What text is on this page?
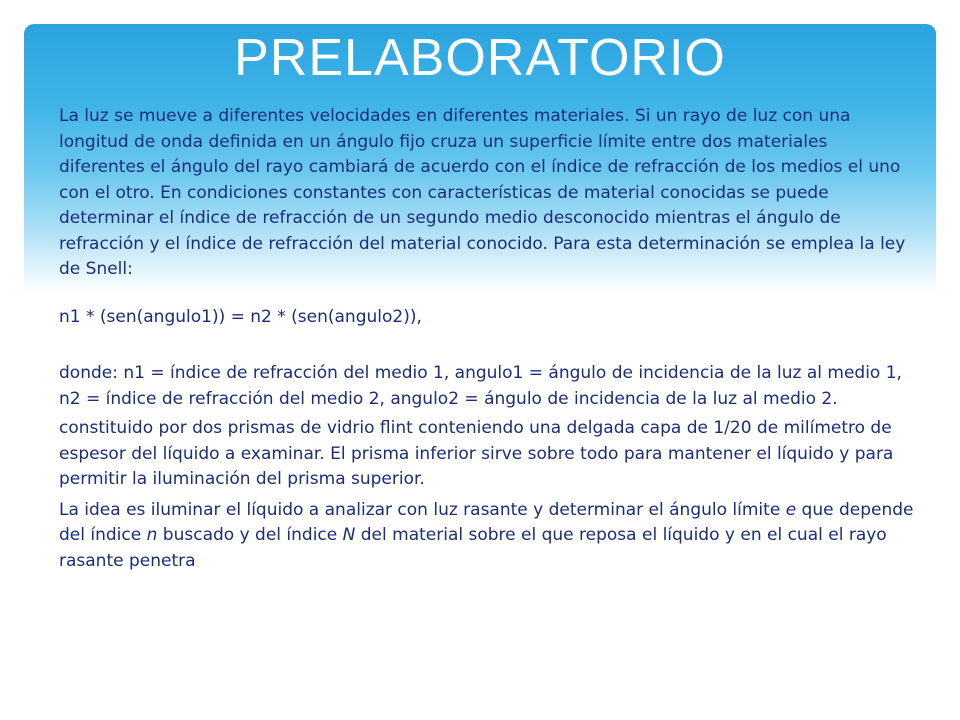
PRELABORATORIO

La luz se mueve a diferentes velocidades en diferentes materiales. Si un rayo de luz con una longitud de onda definida en un ángulo fijo cruza un superficie límite entre dos materiales diferentes el ángulo del rayo cambiará de acuerdo con el índice de refracción de los medios el uno con el otro. En condiciones constantes con características de material conocidas se puede determinar el índice de refracción de un segundo medio desconocido mientras el ángulo de refracción y el índice de refracción del material conocido. Para esta determinación se emplea la ley de Snell:

n1 * (sen(angulo1)) = n2 * (sen(angulo2)),

donde: n1 = índice de refracción del medio 1, angulo1 = ángulo de incidencia de la luz al medio 1, n2 = índice de refracción del medio 2, angulo2 = ángulo de incidencia de la luz al medio 2.

constituido por dos prismas de vidrio flint conteniendo una delgada capa de 1/20 de milímetro de espesor del líquido a examinar. El prisma inferior sirve sobre todo para mantener el líquido y para permitir la iluminación del prisma superior.

La idea es iluminar el líquido a analizar con luz rasante y determinar el ángulo límite e que depende del índice n buscado y del índice N del material sobre el que reposa el líquido y en el cual el rayo rasante penetra
